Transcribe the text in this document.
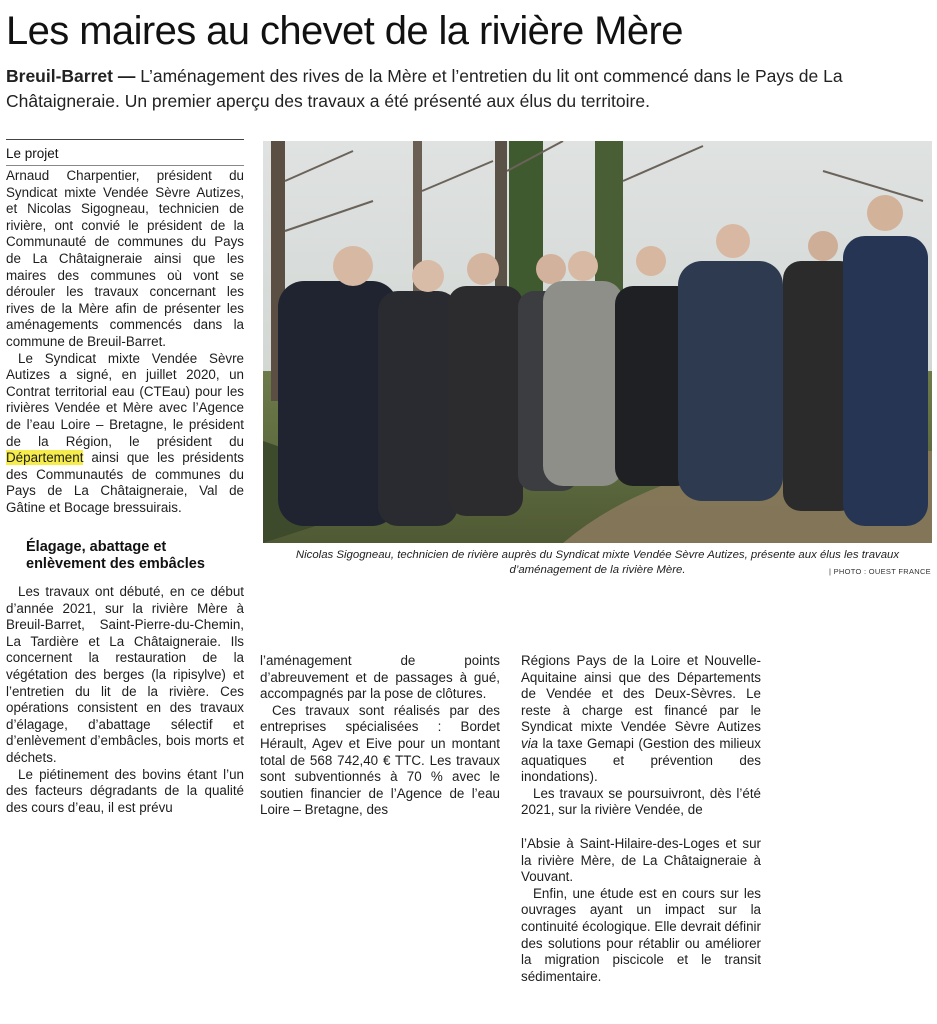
Les maires au chevet de la rivière Mère
Breuil-Barret — L’aménagement des rives de la Mère et l’entretien du lit ont commencé dans le Pays de La Châtaigneraie. Un premier aperçu des travaux a été présenté aux élus du territoire.
Le projet

Arnaud Charpentier, président du Syndicat mixte Vendée Sèvre Autizes, et Nicolas Sigogneau, technicien de rivière, ont convié le président de la Communauté de communes du Pays de La Châtaigneraie ainsi que les maires des communes où vont se dérouler les travaux concernant les rives de la Mère afin de présenter les aménagements commencés dans la commune de Breuil-Barret.

Le Syndicat mixte Vendée Sèvre Autizes a signé, en juillet 2020, un Contrat territorial eau (CTEau) pour les rivières Vendée et Mère avec l’Agence de l’eau Loire – Bretagne, le président de la Région, le président du Département ainsi que les présidents des Communautés de communes du Pays de La Châtaigneraie, Val de Gâtine et Bocage bressuirais.

Élagage, abattage et enlèvement des embâcles

Les travaux ont débuté, en ce début d’année 2021, sur la rivière Mère à Breuil-Barret, Saint-Pierre-du-Chemin, La Tardière et La Châtaigneraie. Ils concernent la restauration de la végétation des berges (la ripisylve) et l’entretien du lit de la rivière. Ces opérations consistent en des travaux d’élagage, d’abattage sélectif et d’enlèvement d’embâcles, bois morts et déchets.

Le piétinement des bovins étant l’un des facteurs dégradants de la qualité des cours d’eau, il est prévu

Nicolas Sigogneau, technicien de rivière auprès du Syndicat mixte Vendée Sèvre Autizes, présente aux élus les travaux d’aménagement de la rivière Mère.	| PHOTO : OUEST FRANCE

l’aménagement de points d’abreuvement et de passages à gué, accompagnés par la pose de clôtures.

Ces travaux sont réalisés par des entreprises spécialisées : Bordet Hérault, Agev et Eive pour un montant total de 568 742,40 € TTC. Les travaux sont subventionnés à 70 % avec le soutien financier de l’Agence de l’eau Loire – Bretagne, des

Régions Pays de la Loire et Nouvelle-Aquitaine ainsi que des Départements de Vendée et des Deux-Sèvres. Le reste à charge est financé par le Syndicat mixte Vendée Sèvre Autizes via la taxe Gemapi (Gestion des milieux aquatiques et prévention des inondations).

Les travaux se poursuivront, dès l’été 2021, sur la rivière Vendée, de

l’Absie à Saint-Hilaire-des-Loges et sur la rivière Mère, de La Châtaigneraie à Vouvant.

Enfin, une étude est en cours sur les ouvrages ayant un impact sur la continuité écologique. Elle devrait définir des solutions pour rétablir ou améliorer la migration piscicole et le transit sédimentaire.
